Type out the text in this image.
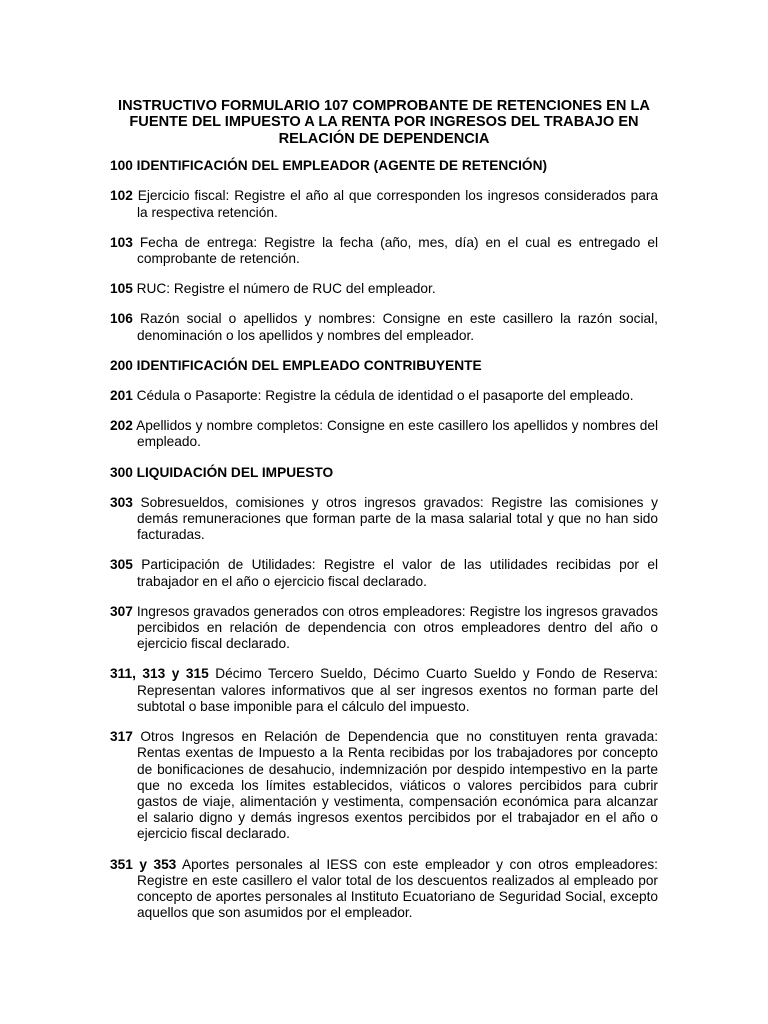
INSTRUCTIVO FORMULARIO 107 COMPROBANTE DE RETENCIONES EN LA FUENTE DEL IMPUESTO A LA RENTA POR INGRESOS DEL TRABAJO EN RELACIÓN DE DEPENDENCIA

100 IDENTIFICACIÓN DEL EMPLEADOR (AGENTE DE RETENCIÓN)

102 Ejercicio fiscal: Registre el año al que corresponden los ingresos considerados para la respectiva retención.

103 Fecha de entrega: Registre la fecha (año, mes, día) en el cual es entregado el comprobante de retención.

105 RUC: Registre el número de RUC del empleador.

106 Razón social o apellidos y nombres: Consigne en este casillero la razón social, denominación o los apellidos y nombres del empleador.

200 IDENTIFICACIÓN DEL EMPLEADO CONTRIBUYENTE

201 Cédula o Pasaporte: Registre la cédula de identidad o el pasaporte del empleado.

202 Apellidos y nombre completos: Consigne en este casillero los apellidos y nombres del empleado.

300 LIQUIDACIÓN DEL IMPUESTO

303 Sobresueldos, comisiones y otros ingresos gravados: Registre las comisiones y demás remuneraciones que forman parte de la masa salarial total y que no han sido facturadas.

305 Participación de Utilidades: Registre el valor de las utilidades recibidas por el trabajador en el año o ejercicio fiscal declarado.

307 Ingresos gravados generados con otros empleadores: Registre los ingresos gravados percibidos en relación de dependencia con otros empleadores dentro del año o ejercicio fiscal declarado.

311, 313 y 315 Décimo Tercero Sueldo, Décimo Cuarto Sueldo y Fondo de Reserva: Representan valores informativos que al ser ingresos exentos no forman parte del subtotal o base imponible para el cálculo del impuesto.

317 Otros Ingresos en Relación de Dependencia que no constituyen renta gravada: Rentas exentas de Impuesto a la Renta recibidas por los trabajadores por concepto de bonificaciones de desahucio, indemnización por despido intempestivo en la parte que no exceda los límites establecidos, viáticos o valores percibidos para cubrir gastos de viaje, alimentación y vestimenta, compensación económica para alcanzar el salario digno y demás ingresos exentos percibidos por el trabajador en el año o ejercicio fiscal declarado.

351 y 353 Aportes personales al IESS con este empleador y con otros empleadores: Registre en este casillero el valor total de los descuentos realizados al empleado por concepto de aportes personales al Instituto Ecuatoriano de Seguridad Social, excepto aquellos que son asumidos por el empleador.
